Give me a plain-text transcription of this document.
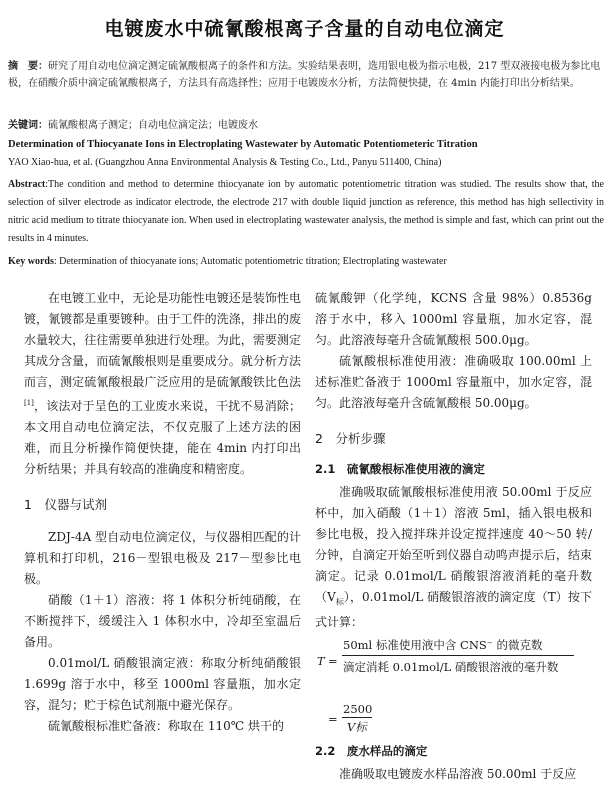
电镀废水中硫氰酸根离子含量的自动电位滴定
摘　要：研究了用自动电位滴定测定硫氰酸根离子的条件和方法。实验结果表明，选用银电极为指示电极，217 型双液接电极为参比电极，在硝酸介质中滴定硫氰酸根离子，方法具有高选择性；应用于电镀废水分析，方法简便快捷，在 4min 内能打印出分析结果。
关键词：硫氰酸根离子测定；自动电位滴定法；电镀废水
Determination of Thiocyanate Ions in Electroplating Wastewater by Automatic Potentiometeric Titration
YAO Xiao-hua, et al. (Guangzhou Anna Environmental Analysis & Testing Co., Ltd., Panyu 511400, China)
Abstract:The condition and method to determine thiocyanate ion by automatic potentiometric titration was studied. The results show that, the selection of silver electrode as indicator electrode, the electrode 217 with double liquid junction as reference, this method has high sellectivity in nitric acid medium to titrate thiocyanate ion. When used in electroplating wastewater analysis, the method is simple and fast, which can print out the results in 4 minutes.
Key words: Determination of thiocyanate ions; Automatic potentiometric titration; Electroplating wastewater

在电镀工业中，无论是功能性电镀还是装饰性电镀，氰镀都是重要镀种。由于工件的洗涤，排出的废水量较大，往往需要单独进行处理。为此，需要测定其成分含量，而硫氰酸根则是重要成分。就分析方法而言，测定硫氰酸根最广泛应用的是硫氰酸铁比色法[1]，该法对于呈色的工业废水来说，干扰不易消除；本文用自动电位滴定法，不仅克服了上述方法的困难，而且分析操作简便快捷，能在 4min 内打印出分析结果；并具有较高的准确度和精密度。

1　仪器与试剂

ZDJ-4A 型自动电位滴定仪，与仪器相匹配的计算机和打印机，216－型银电极及 217－型参比电极。

硝酸（1＋1）溶液：将 1 体积分析纯硝酸，在不断搅拌下，缓缓注入 1 体积水中，冷却至室温后备用。

0.01mol/L 硝酸银滴定液：称取分析纯硝酸银 1.699g 溶于水中，移至 1000ml 容量瓶，加水定容，混匀；贮于棕色试剂瓶中避光保存。

硫氰酸根标准贮备液：称取在 110℃ 烘干的

硫氰酸钾（化学纯，KCNS 含量 98%）0.8536g 溶于水中，移入 1000ml 容量瓶，加水定容，混匀。此溶液每毫升含硫氰酸根 500.0μg。

硫氰酸根标准使用液：准确吸取 100.00ml 上述标准贮备液于 1000ml 容量瓶中，加水定容，混匀。此溶液每毫升含硫氰酸根 50.00μg。

2　分析步骤

2.1　硫氰酸根标准使用液的滴定

准确吸取硫氰酸根标准使用液 50.00ml 于反应杯中，加入硝酸（1＋1）溶液 5ml，插入银电极和参比电极，投入搅拌珠并设定搅拌速度 40～50 转/分钟，自滴定开始至听到仪器自动鸣声提示后，结束滴定。记录 0.01mol/L 硝酸银溶液消耗的毫升数$(V_标)$，0.01mol/L 硝酸银溶液的滴定度（T）按下式计算：

T =
50ml 标准使用液中含 CNS⁻ 的微克数
滴定消耗 0.01mol/L 硝酸银溶液的毫升数
=
2500
V标

2.2　废水样品的滴定

准确吸取电镀废水样品溶液 50.00ml 于反应
